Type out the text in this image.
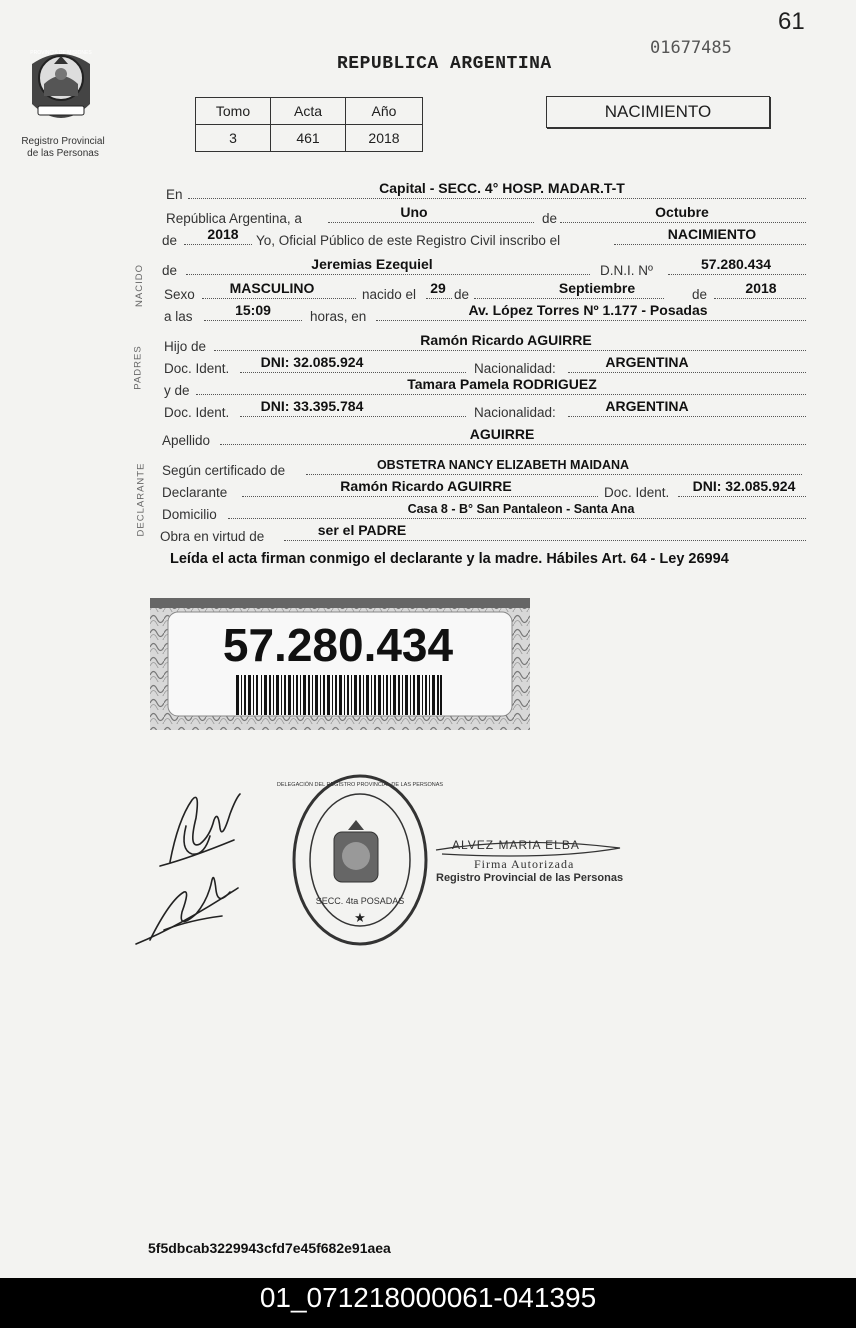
61
01677485
REPUBLICA ARGENTINA
PROVINCIA DE MISIONES
Registro Provincial
de las Personas
Tomo	Acta	Año
3	461	2018
NACIMIENTO
En	Capital - SECC. 4° HOSP. MADAR.T-T
República Argentina, a	Uno	de	Octubre
de	2018	Yo, Oficial Público de este Registro Civil inscribo el	NACIMIENTO
NACIDO de	Jeremias Ezequiel	D.N.I. Nº	57.280.434
Sexo	MASCULINO	nacido el 29 de	Septiembre	de	2018
a las	15:09	horas, en	Av. López Torres Nº 1.177 - Posadas
PADRES Hijo de	Ramón Ricardo AGUIRRE
Doc. Ident.	DNI: 32.085.924	Nacionalidad:	ARGENTINA
y de	Tamara Pamela RODRIGUEZ
Doc. Ident.	DNI: 33.395.784	Nacionalidad:	ARGENTINA
Apellido	AGUIRRE
DECLARANTE Según certificado de	OBSTETRA NANCY ELIZABETH MAIDANA
Declarante	Ramón Ricardo AGUIRRE	Doc. Ident.	DNI: 32.085.924
Domicilio	Casa 8 - B° San Pantaleon - Santa Ana
Obra en virtud de	ser el PADRE
Leída el acta firman conmigo el declarante y la madre. Hábiles Art. 64 - Ley 26994
57.280.434
★
SECC. 4ta POSADAS
DELEGACIÓN DEL REGISTRO PROVINCIAL DE LAS PERSONAS
ALVEZ MARIA ELBA
Firma Autorizada
Registro Provincial de las Personas
5f5dbcab3229943cfd7e45f682e91aea
01_071218000061-041395
